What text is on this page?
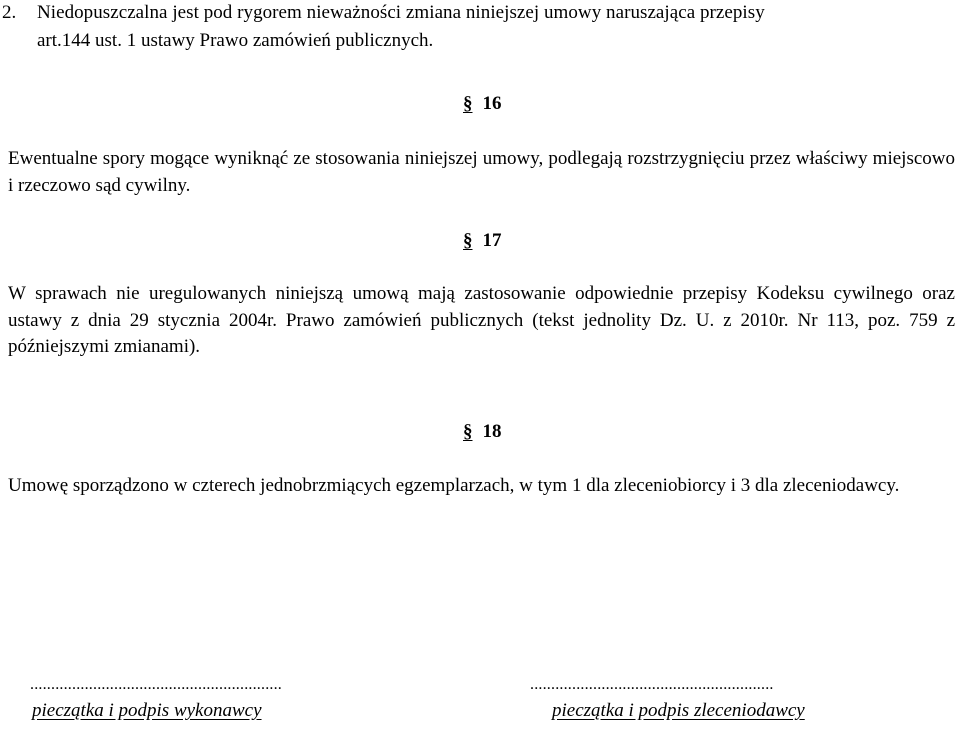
2. Niedopuszczalna jest pod rygorem nieważności zmiana niniejszej umowy naruszająca przepisy
art.144 ust. 1 ustawy Prawo zamówień publicznych.
§ 16
Ewentualne spory mogące wyniknąć ze stosowania niniejszej umowy, podlegają rozstrzygnięciu przez właściwy miejscowo i rzeczowo sąd cywilny.
§ 17
W sprawach nie uregulowanych niniejszą umową mają zastosowanie odpowiednie przepisy Kodeksu cywilnego oraz ustawy z dnia 29 stycznia 2004r. Prawo zamówień publicznych (tekst jednolity Dz. U. z 2010r. Nr 113, poz. 759 z późniejszymi zmianami).
§ 18
Umowę sporządzono w czterech jednobrzmiących egzemplarzach, w tym 1 dla zleceniobiorcy i 3 dla zleceniodawcy.
............................................................
pieczątka i podpis wykonawcy
..........................................................
pieczątka i podpis zleceniodawcy
